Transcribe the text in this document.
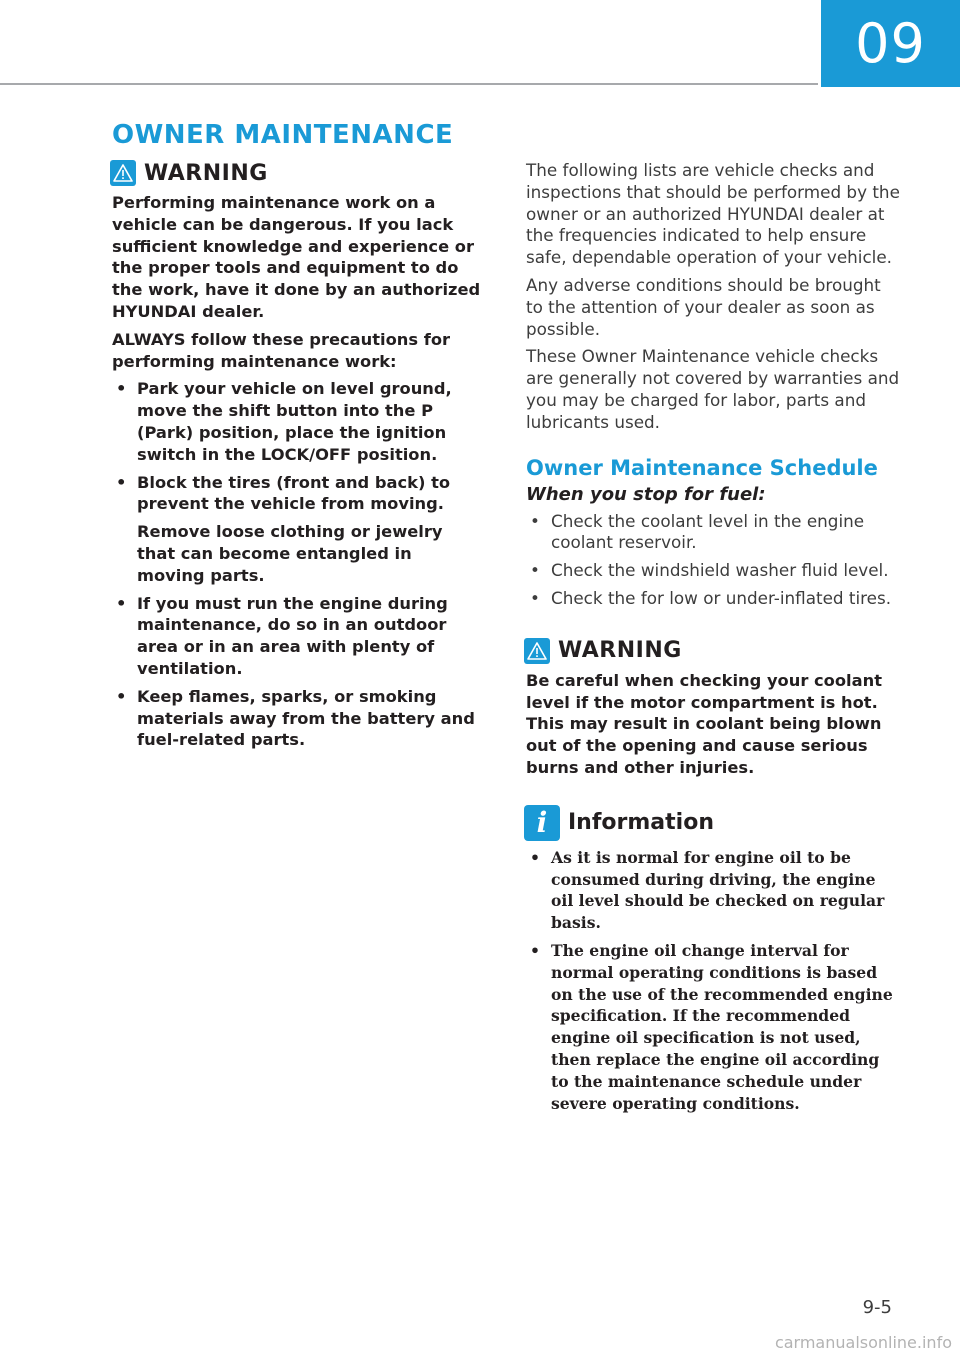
09
OWNER MAINTENANCE
WARNING

Performing maintenance work on a vehicle can be dangerous. If you lack sufficient knowledge and experience or the proper tools and equipment to do the work, have it done by an authorized HYUNDAI dealer.

ALWAYS follow these precautions for performing maintenance work:

• Park your vehicle on level ground, move the shift button into the P (Park) position, place the ignition switch in the LOCK/OFF position.
• Block the tires (front and back) to prevent the vehicle from moving.

Remove loose clothing or jewelry that can become entangled in moving parts.

• If you must run the engine during maintenance, do so in an outdoor area or in an area with plenty of ventilation.
• Keep flames, sparks, or smoking materials away from the battery and fuel-related parts.

The following lists are vehicle checks and inspections that should be performed by the owner or an authorized HYUNDAI dealer at the frequencies indicated to help ensure safe, dependable operation of your vehicle.

Any adverse conditions should be brought to the attention of your dealer as soon as possible.

These Owner Maintenance vehicle checks are generally not covered by warranties and you may be charged for labor, parts and lubricants used.

Owner Maintenance Schedule
When you stop for fuel:
• Check the coolant level in the engine coolant reservoir.
• Check the windshield washer fluid level.
• Check the for low or under-inflated tires.
WARNING

Be careful when checking your coolant level if the motor compartment is hot. This may result in coolant being blown out of the opening and cause serious burns and other injuries.

i Information
• As it is normal for engine oil to be consumed during driving, the engine oil level should be checked on regular basis.
• The engine oil change interval for normal operating conditions is based on the use of the recommended engine specification. If the recommended engine oil specification is not used, then replace the engine oil according to the maintenance schedule under severe operating conditions.
9-5
carmanualsonline.info
